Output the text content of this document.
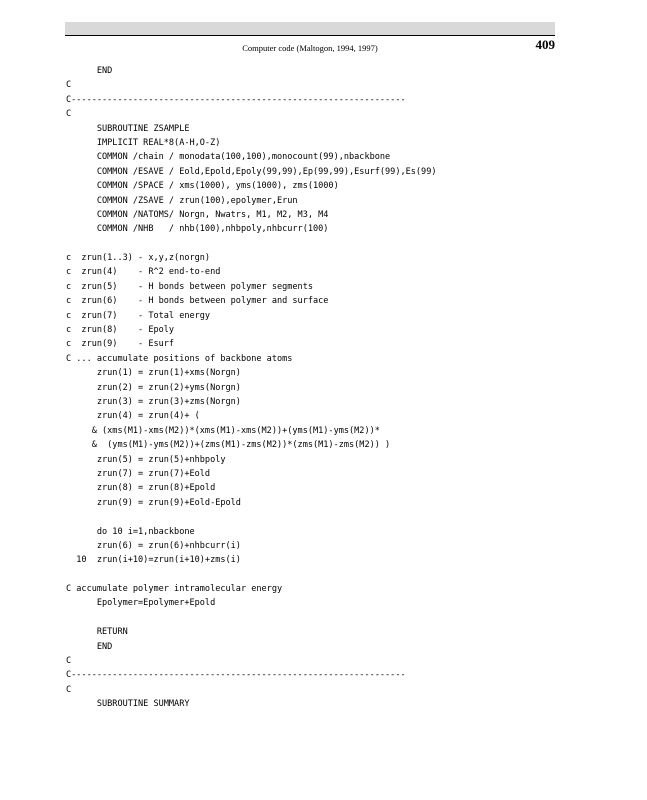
Computer code (Maltogon, 1994, 1997)	409
END
C
C-----------------------------------------------------------------
C
SUBROUTINE ZSAMPLE
IMPLICIT REAL*8(A-H,O-Z)
COMMON /chain / monodata(100,100),monocount(99),nbackbone
COMMON /ESAVE / Eold,Epold,Epoly(99,99),Ep(99,99),Esurf(99),Es(99)
COMMON /SPACE / xms(1000), yms(1000), zms(1000)
COMMON /ZSAVE / zrun(100),epolymer,Erun
COMMON /NATOMS/ Norgn, Nwatrs, M1, M2, M3, M4
COMMON /NHB   / nhb(100),nhbpoly,nhbcurr(100)
c  zrun(1..3) - x,y,z(norgn)
c  zrun(4)    - R^2 end-to-end
c  zrun(5)    - H bonds between polymer segments
c  zrun(6)    - H bonds between polymer and surface
c  zrun(7)    - Total energy
c  zrun(8)    - Epoly
c  zrun(9)    - Esurf
C ... accumulate positions of backbone atoms
zrun(1) = zrun(1)+xms(Norgn)
zrun(2) = zrun(2)+yms(Norgn)
zrun(3) = zrun(3)+zms(Norgn)
zrun(4) = zrun(4)+ (
& (xms(M1)-xms(M2))*(xms(M1)-xms(M2))+(yms(M1)-yms(M2))*
&  (yms(M1)-yms(M2))+(zms(M1)-zms(M2))*(zms(M1)-zms(M2)) )
zrun(5) = zrun(5)+nhbpoly
zrun(7) = zrun(7)+Eold
zrun(8) = zrun(8)+Epold
zrun(9) = zrun(9)+Eold-Epold
do 10 i=1,nbackbone
zrun(6) = zrun(6)+nhbcurr(i)
10  zrun(i+10)=zrun(i+10)+zms(i)
C accumulate polymer intramolecular energy
Epolymer=Epolymer+Epold
RETURN
END
C
C-----------------------------------------------------------------
C
SUBROUTINE SUMMARY
